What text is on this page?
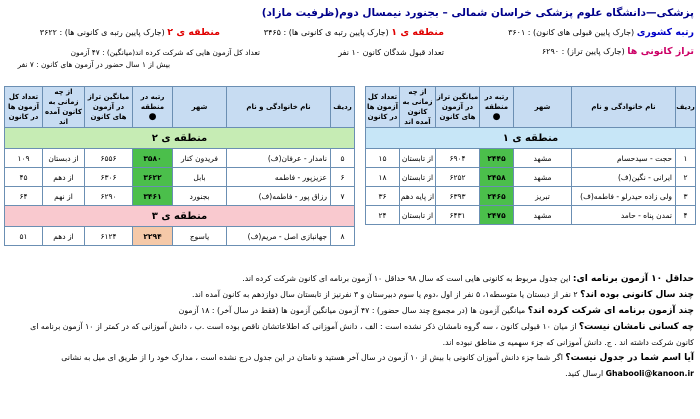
پزشکی—دانشگاه علوم پزشکی خراسان شمالی – بجنورد نیمسال دوم(ظرفیت مازاد)
رتبه کشوری (جارک پایین قبولی های کانون) : ۳۶۰۱
منطقه ی ۱ (جارک پایین رتبه ی کانونی ها) : ۳۴۶۵
منطقه ی ۲ (جارک پایین رتبه ی کانونی ها) : ۳۶۲۲
تراز کانونی ها (جارک پایین تراز) : ۶۲۹۰
تعداد قبول شدگان کانون ۱۰ نفر
تعداد کل آزمون هایی که شرکت کرده اند(میانگین) : ۴۷ آزمون
بیش از ۱ سال حضور در آزمون های کانون : ۷ نفر
ردیف	نام خانوادگی و نام	شهر	رتبه در منطقه
●	میانگین تراز در آزمون های کانون	از چه زمانی به کانون آمده اند	تعداد کل آزمون ها در کانون
منطقه ی ۱						
۱	حجت - سیدحسام	مشهد	۲۴۴۵	۶۹۰۴	از تابستان	۱۵
۲	ایرانی - نگین(ف)	مشهد	۲۴۵۸	۶۲۵۲	از تابستان	۱۸
۳	ولی زاده حیدرلو - فاطمه(ف)	تبریز	۲۴۶۵	۶۳۹۳	از پایه دهم	۳۶
۴	تمدن پناه - حامد	مشهد	۲۴۷۵	۶۴۳۱	از تابستان	۲۴
ردیف	نام خانوادگی و نام	شهر	رتبه در منطقه
●	میانگین تراز در آزمون های کانون	از چه زمانی به کانون آمده اند	تعداد کل آزمون ها در کانون
منطقه ی ۲						
۵	نامدار - عرفان(ف)	فریدون کنار	۳۵۸۰	۶۵۵۶	از دبستان	۱۰۹
۶	عزیزپور - فاطمه	بابل	۳۶۲۲	۶۳۰۶	از دهم	۴۵
۷	رزاق پور - فاطمه(ف)	بجنورد	۳۴۶۱	۶۲۹۰	از نهم	۶۴
منطقه ی ۳						
۸	جهانبازی اصل - مریم(ف)	یاسوج	۲۲۹۴	۶۱۲۴	از دهم	۵۱
حداقل ۱۰ آزمون برنامه ای: این جدول مربوط به کانونی هایی است که سال ۹۸ حداقل ۱۰ آزمون برنامه ای کانون شرکت کرده اند.
چند سال کانونی بوده اند؟ ۲ نفر از دبستان یا متوسطه۱، ۵ نفر از اول ،دوم یا سوم دبیرستان و ۳ نفرنیز از تابستان سال دوازدهم به کانون آمده اند.
چند آزمون برنامه ای شرکت کرده اند؟ میانگین آزمون ها (در مجموع چند سال حضور) : ۴۷ آزمون میانگین آزمون ها (فقط در سال آخر) : ۱۸ آزمون
چه کسانی نامشان نیست؟ از میان ۱۰ قبولی کانون ، سه گروه نامشان ذکر نشده است : الف ، دانش آموزانی که اطلاعاتشان ناقص بوده است .ب ، دانش آموزانی که در کمتر از ۱۰ آزمون برنامه ای
کانون شرکت داشته اند . ج. دانش آموزانی که جزء سهمیه ی مناطق نبوده اند.
آیا اسم شما در جدول نیست؟ اگر شما جزء دانش آموزان کانونی با بیش از ۱۰ آزمون در سال آخر هستید و نامتان در این جدول درج نشده است ، مدارک خود را از طریق ای میل به نشانی
Ghabooli@kanoon.ir ارسال کنید.
